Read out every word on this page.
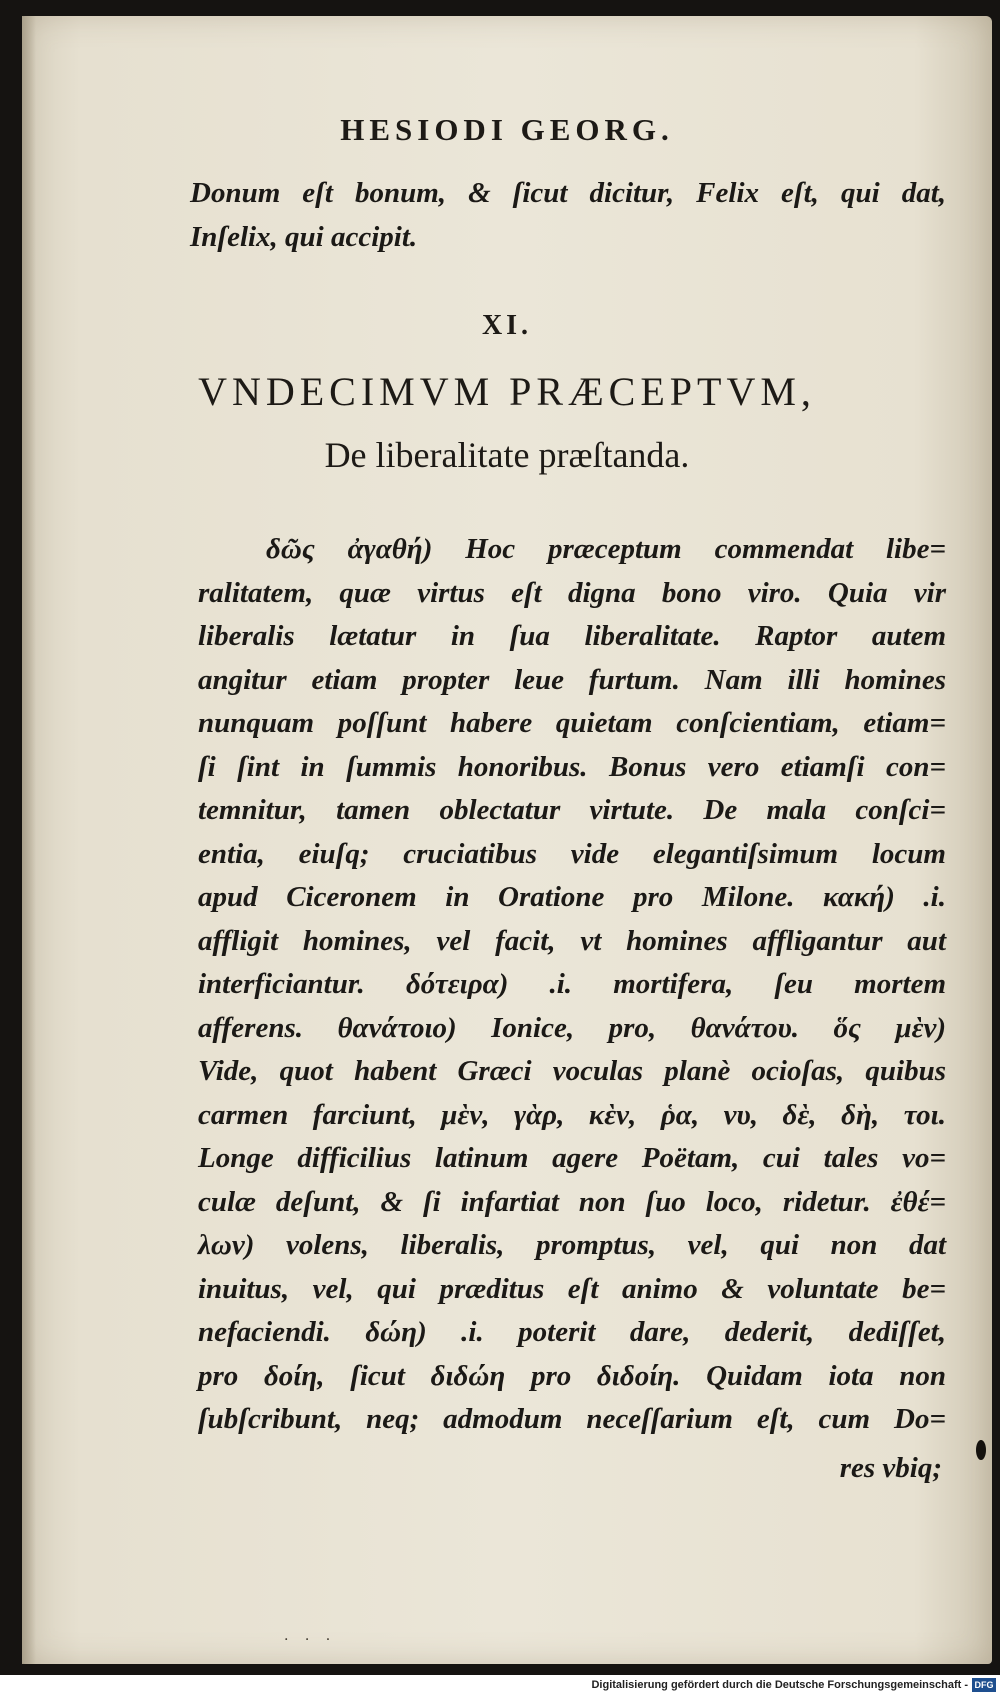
HESIODI GEORG.
Donum eſt bonum, & ſicut dicitur, Felix eſt, qui dat,
Inſelix, qui accipit.
XI.
VNDECIMVM PRÆCEPTVM,
De liberalitate præſtanda.
δῶς ἀγαθή) Hoc præceptum commendat libe=
ralitatem, quæ virtus eſt digna bono viro. Quia vir
liberalis lætatur in ſua liberalitate. Raptor autem
angitur etiam propter leue furtum. Nam illi homines
nunquam poſſunt habere quietam conſcientiam, etiam=
ſi ſint in ſummis honoribus. Bonus vero etiamſi con=
temnitur, tamen oblectatur virtute. De mala conſci=
entia, eiuſq; cruciatibus vide elegantiſsimum locum
apud Ciceronem in Oratione pro Milone. κακή) .i.
affligit homines, vel facit, vt homines affligantur aut
interficiantur. δότειρα) .i. mortifera, ſeu mortem
afferens. θανάτοιο) Ionice, pro, θανάτου. ὅς μὲν)
Vide, quot habent Græci voculas planè ocioſas, quibus
carmen farciunt, μὲν, γὰρ, κὲν, ῥα, νυ, δὲ, δὴ, τοι.
Longe difficilius latinum agere Poëtam, cui tales vo=
culæ deſunt, & ſi infartiat non ſuo loco, ridetur. ἐθέ=
λων) volens, liberalis, promptus, vel, qui non dat
inuitus, vel, qui præditus eſt animo & voluntate be=
nefaciendi. δώη) .i. poterit dare, dederit, dediſſet,
pro δοίη, ſicut διδώη pro διδοίη. Quidam iota non
ſubſcribunt, neq; admodum neceſſarium eſt, cum Do=
res vbiq;
. . .
Digitalisierung gefördert durch die Deutsche Forschungsgemeinschaft - DFG
